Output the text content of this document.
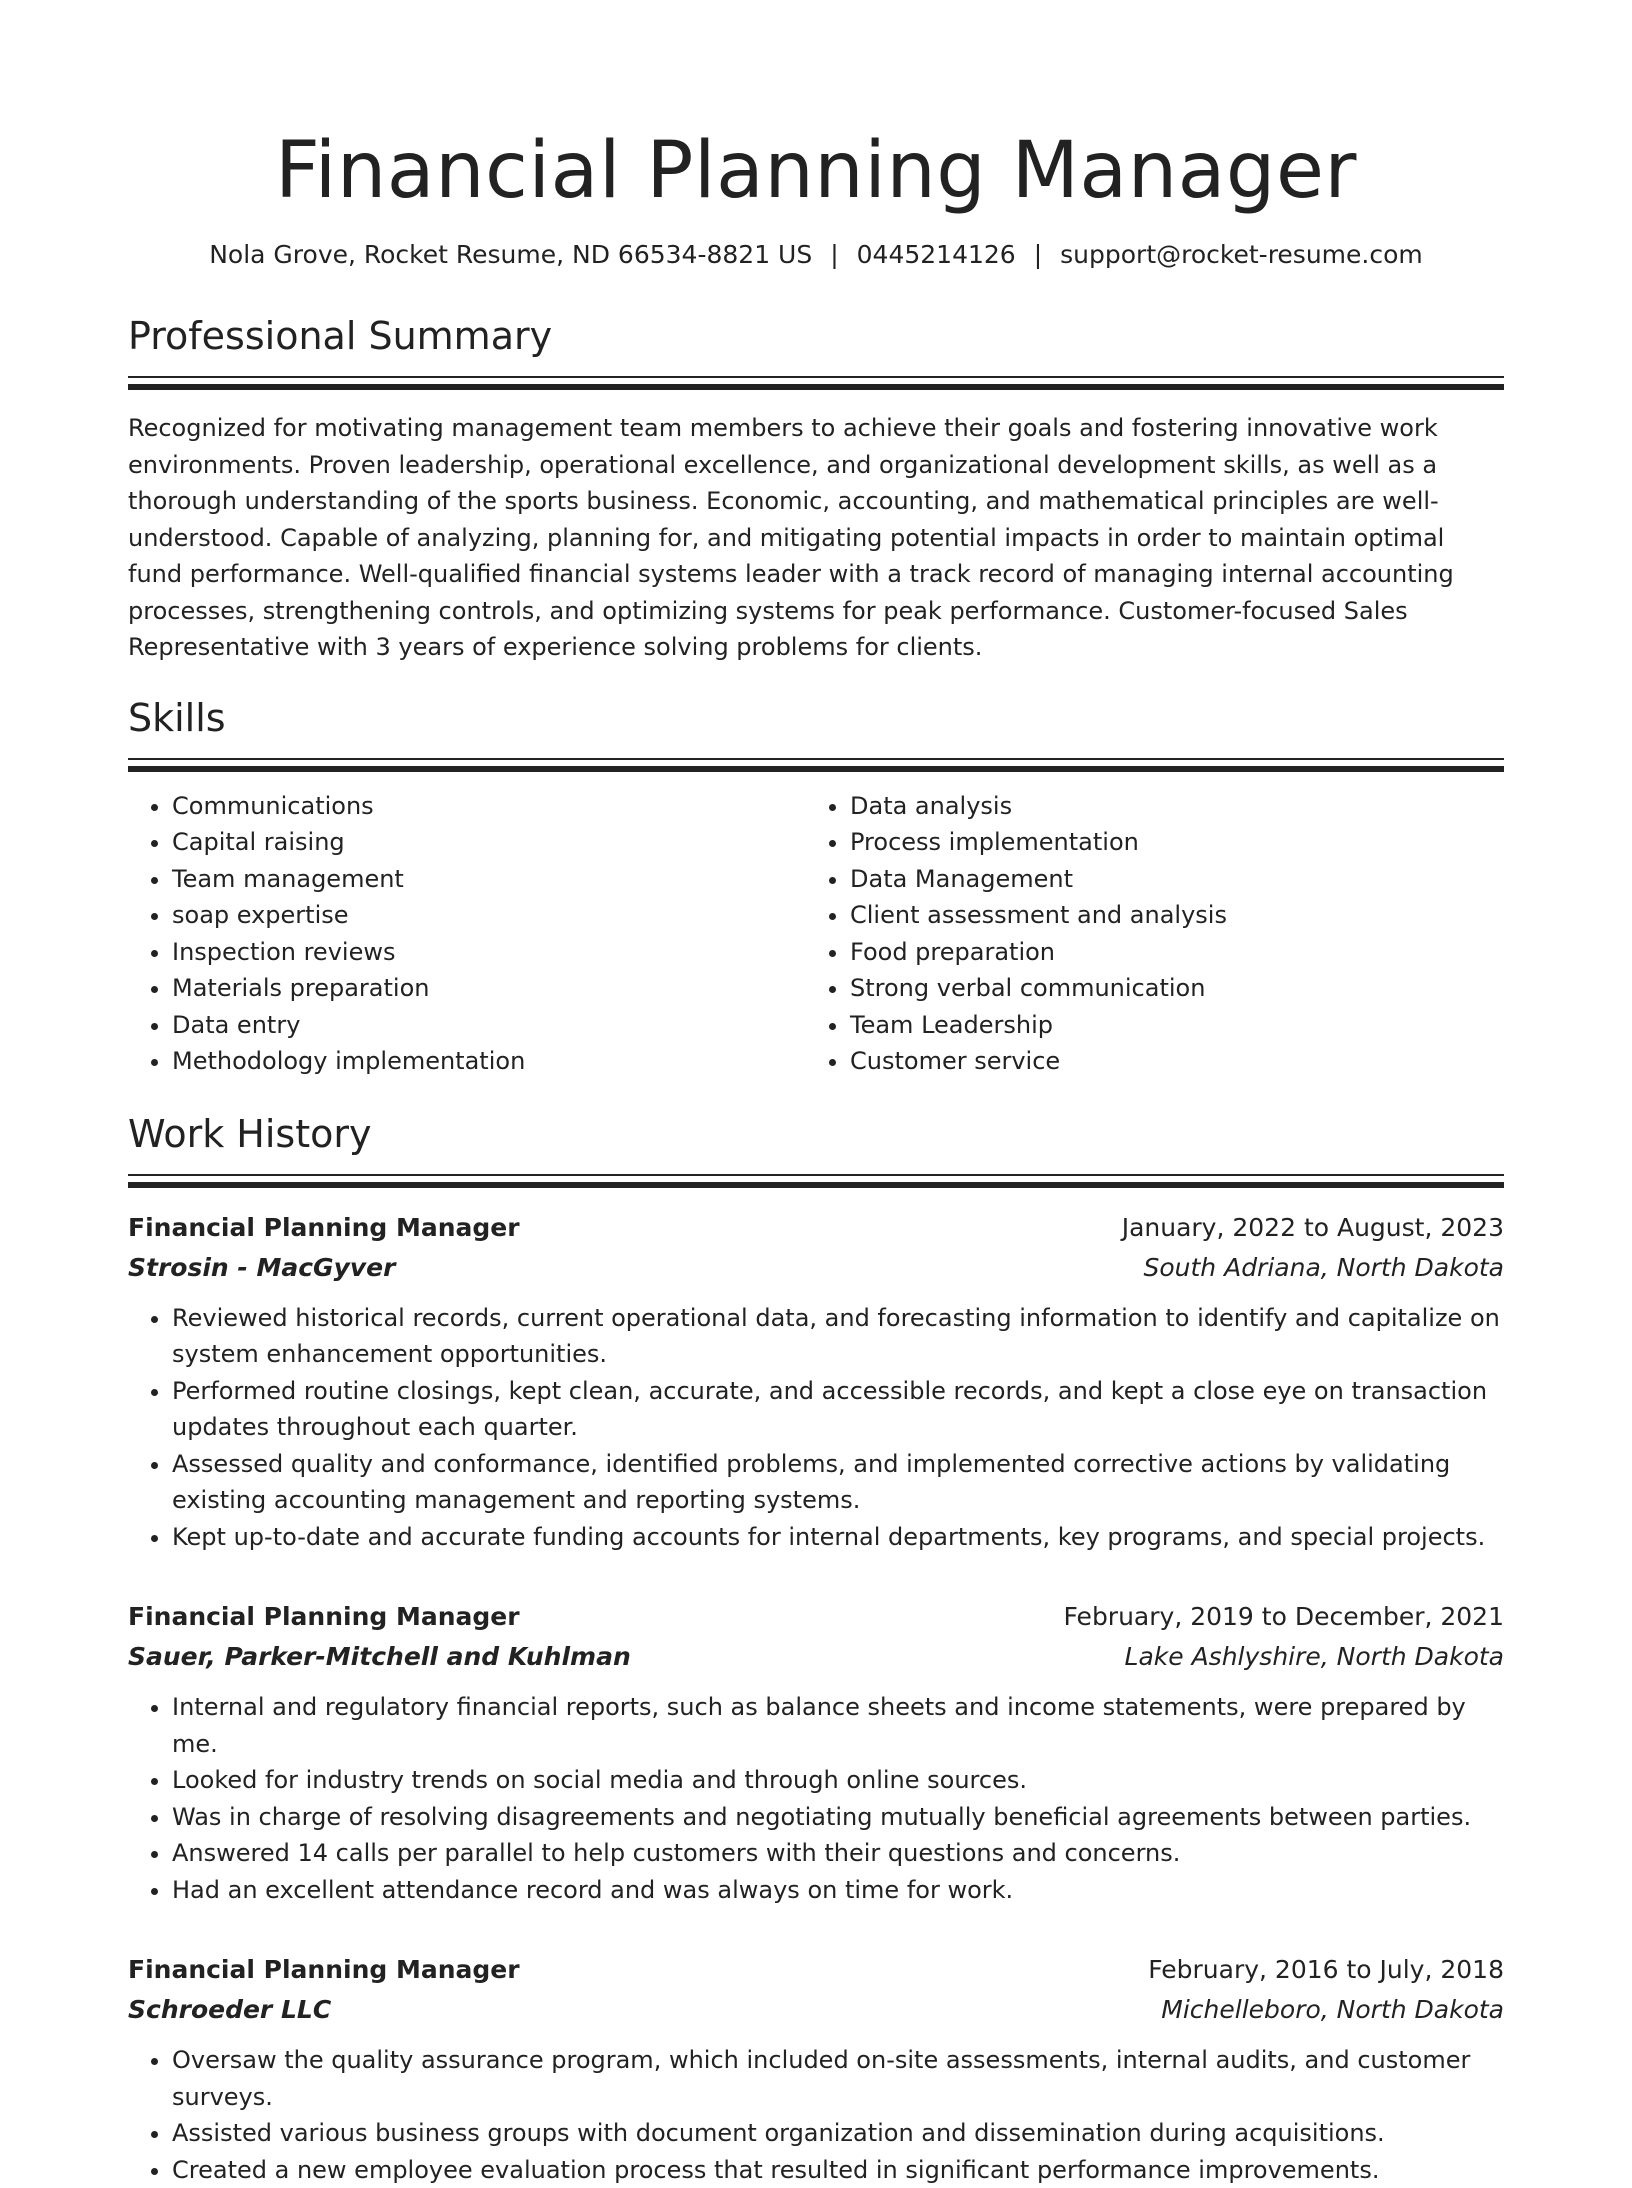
Financial Planning Manager
Nola Grove, Rocket Resume, ND 66534-8821 US | 0445214126 | support@rocket-resume.com
Professional Summary

Recognized for motivating management team members to achieve their goals and fostering innovative work environments. Proven leadership, operational excellence, and organizational development skills, as well as a thorough understanding of the sports business. Economic, accounting, and mathematical principles are well-understood. Capable of analyzing, planning for, and mitigating potential impacts in order to maintain optimal fund performance. Well-qualified financial systems leader with a track record of managing internal accounting processes, strengthening controls, and optimizing systems for peak performance. Customer-focused Sales Representative with 3 years of experience solving problems for clients.

Skills
• Communications
• Capital raising
• Team management
• soap expertise
• Inspection reviews
• Materials preparation
• Data entry
• Methodology implementation
• Data analysis
• Process implementation
• Data Management
• Client assessment and analysis
• Food preparation
• Strong verbal communication
• Team Leadership
• Customer service
Work History
Financial Planning Manager	January, 2022 to August, 2023
Strosin - MacGyver	South Adriana, North Dakota
• Reviewed historical records, current operational data, and forecasting information to identify and capitalize on system enhancement opportunities.
• Performed routine closings, kept clean, accurate, and accessible records, and kept a close eye on transaction updates throughout each quarter.
• Assessed quality and conformance, identified problems, and implemented corrective actions by validating existing accounting management and reporting systems.
• Kept up-to-date and accurate funding accounts for internal departments, key programs, and special projects.
Financial Planning Manager	February, 2019 to December, 2021
Sauer, Parker-Mitchell and Kuhlman	Lake Ashlyshire, North Dakota
• Internal and regulatory financial reports, such as balance sheets and income statements, were prepared by me.
• Looked for industry trends on social media and through online sources.
• Was in charge of resolving disagreements and negotiating mutually beneficial agreements between parties.
• Answered 14 calls per parallel to help customers with their questions and concerns.
• Had an excellent attendance record and was always on time for work.
Financial Planning Manager	February, 2016 to July, 2018
Schroeder LLC	Michelleboro, North Dakota
• Oversaw the quality assurance program, which included on-site assessments, internal audits, and customer surveys.
• Assisted various business groups with document organization and dissemination during acquisitions.
• Created a new employee evaluation process that resulted in significant performance improvements.
